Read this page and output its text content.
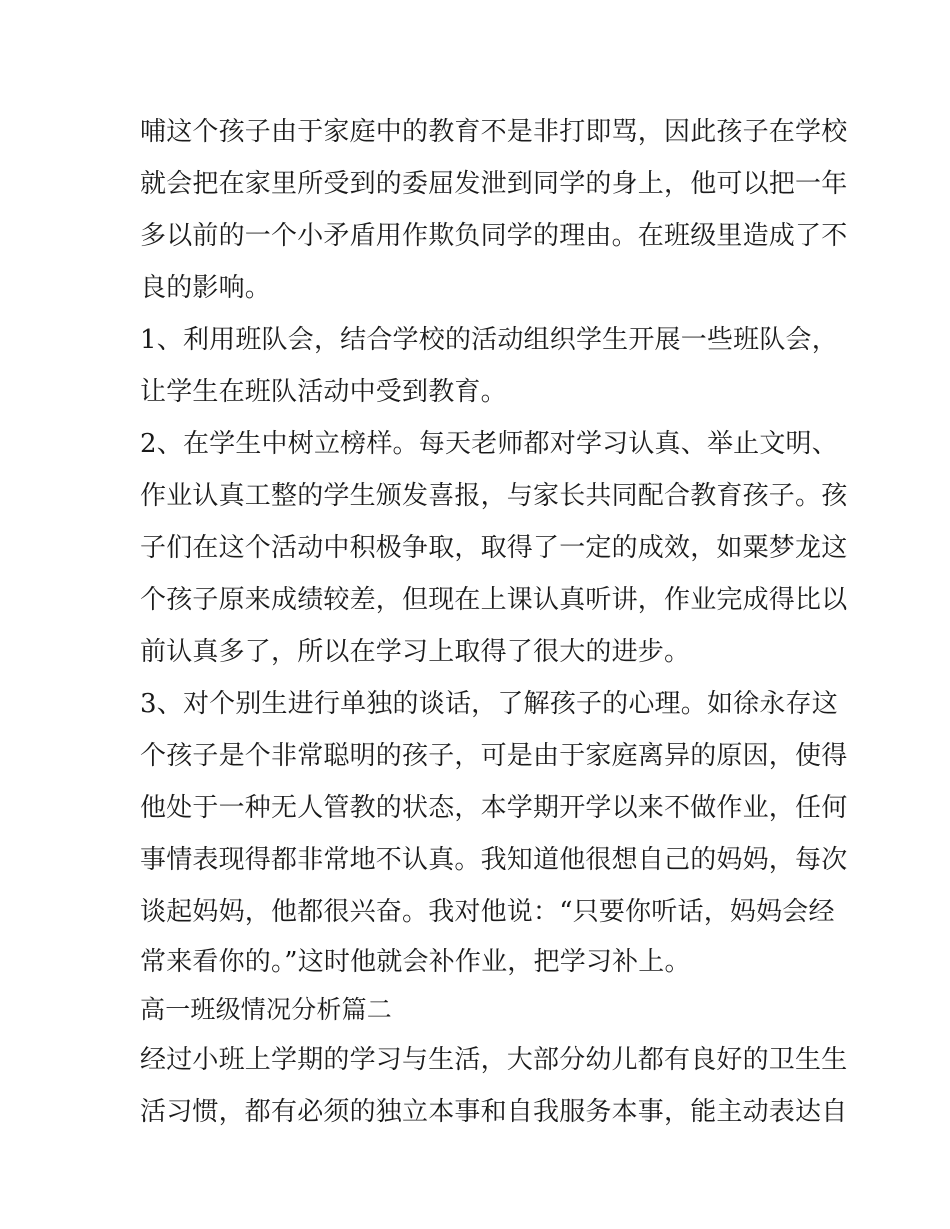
哺这个孩子由于家庭中的教育不是非打即骂，因此孩子在学校
就会把在家里所受到的委屈发泄到同学的身上，他可以把一年
多以前的一个小矛盾用作欺负同学的理由。在班级里造成了不
良的影响。
1、利用班队会，结合学校的活动组织学生开展一些班队会，
让学生在班队活动中受到教育。
2、在学生中树立榜样。每天老师都对学习认真、举止文明、
作业认真工整的学生颁发喜报，与家长共同配合教育孩子。孩
子们在这个活动中积极争取，取得了一定的成效，如粟梦龙这
个孩子原来成绩较差，但现在上课认真听讲，作业完成得比以
前认真多了，所以在学习上取得了很大的进步。
3、对个别生进行单独的谈话，了解孩子的心理。如徐永存这
个孩子是个非常聪明的孩子，可是由于家庭离异的原因，使得
他处于一种无人管教的状态，本学期开学以来不做作业，任何
事情表现得都非常地不认真。我知道他很想自己的妈妈，每次
谈起妈妈，他都很兴奋。我对他说：“只要你听话，妈妈会经
常来看你的。”这时他就会补作业，把学习补上。
高一班级情况分析篇二
经过小班上学期的学习与生活，大部分幼儿都有良好的卫生生
活习惯，都有必须的独立本事和自我服务本事，能主动表达自
